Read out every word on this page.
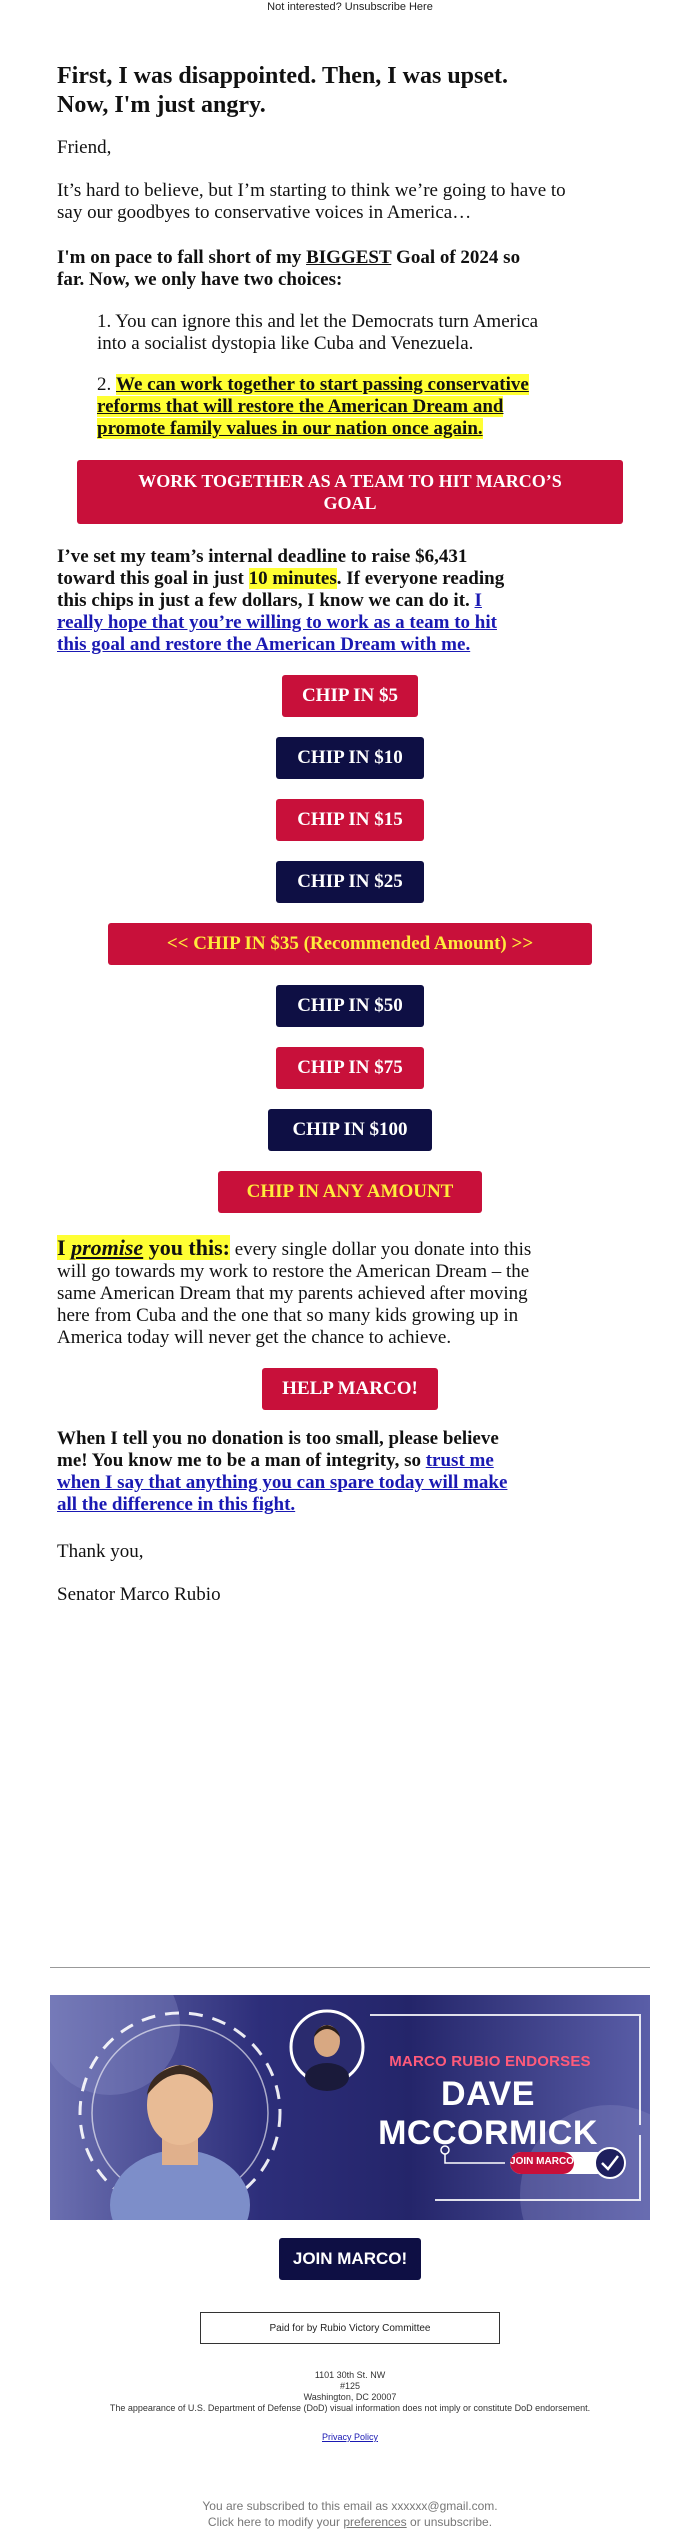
Not interested? Unsubscribe Here
First, I was disappointed. Then, I was upset.
Now, I'm just angry.
Friend,
It’s hard to believe, but I’m starting to think we’re going to have to
say our goodbyes to conservative voices in America…
I'm on pace to fall short of my BIGGEST Goal of 2024 so
far. Now, we only have two choices:
1. You can ignore this and let the Democrats turn America
into a socialist dystopia like Cuba and Venezuela.
2. We can work together to start passing conservative
reforms that will restore the American Dream and
promote family values in our nation once again.
WORK TOGETHER AS A TEAM TO HIT MARCO’S
GOAL
I’ve set my team’s internal deadline to raise $6,431
toward this goal in just 10 minutes. If everyone reading
this chips in just a few dollars, I know we can do it. I
really hope that you’re willing to work as a team to hit
this goal and restore the American Dream with me.
CHIP IN $5
CHIP IN $10
CHIP IN $15
CHIP IN $25
<< CHIP IN $35 (Recommended Amount) >>
CHIP IN $50
CHIP IN $75
CHIP IN $100
CHIP IN ANY AMOUNT
I promise you this: every single dollar you donate into this
will go towards my work to restore the American Dream – the
same American Dream that my parents achieved after moving
here from Cuba and the one that so many kids growing up in
America today will never get the chance to achieve.
HELP MARCO!
When I tell you no donation is too small, please believe
me! You know me to be a man of integrity, so trust me
when I say that anything you can spare today will make
all the difference in this fight.
Thank you,
Senator Marco Rubio
MARCO RUBIO ENDORSES
DAVE MCCORMICK
JOIN MARCO
JOIN MARCO!
Paid for by Rubio Victory Committee
1101 30th St. NW
#125
Washington, DC 20007
The appearance of U.S. Department of Defense (DoD) visual information does not imply or constitute DoD endorsement.
Privacy Policy
You are subscribed to this email as xxxxxx@gmail.com.
Click here to modify your preferences or unsubscribe.
